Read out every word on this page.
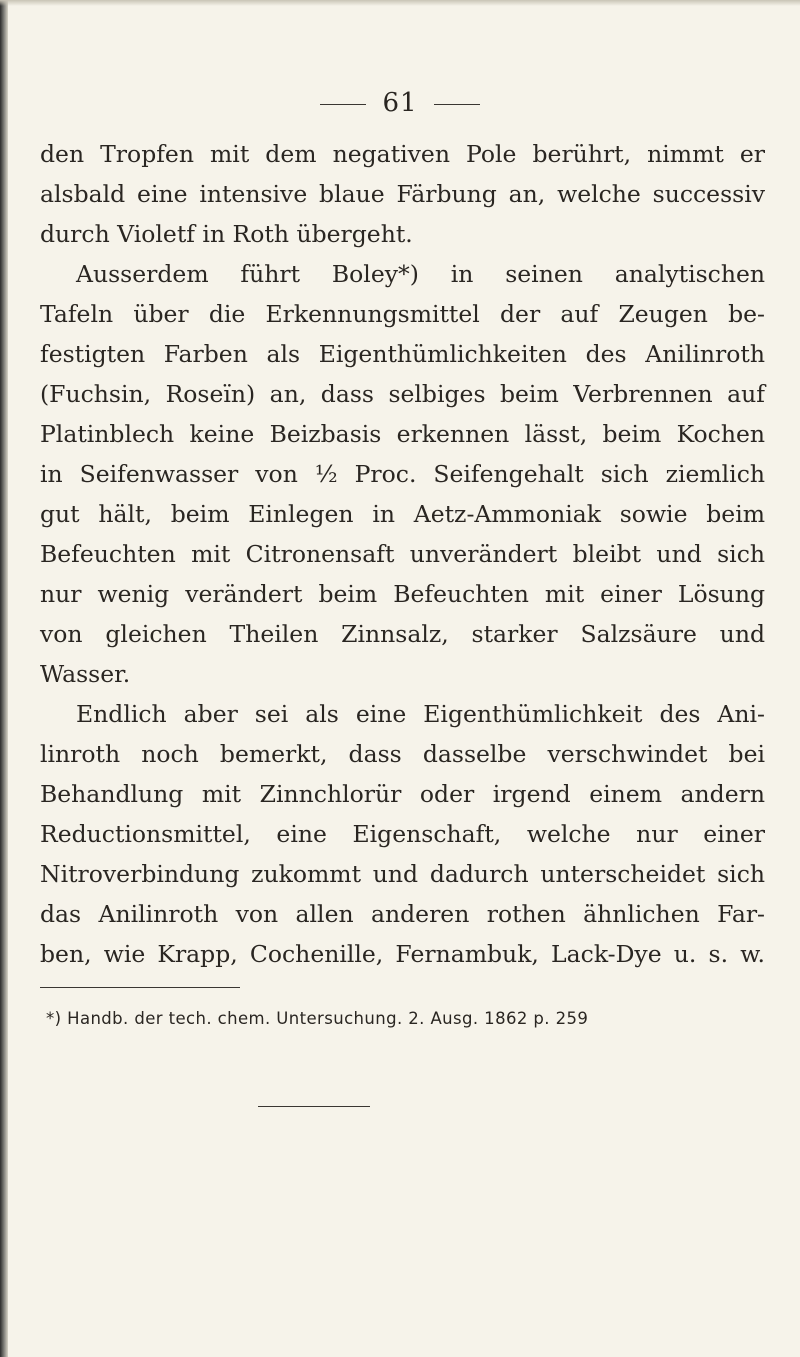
61
den Tropfen mit dem negativen Pole berührt, nimmt er
alsbald eine intensive blaue Färbung an, welche successiv
durch Violetf in Roth übergeht.
Ausserdem führt Boley*) in seinen analytischen
Tafeln über die Erkennungsmittel der auf Zeugen be-
festigten Farben als Eigenthümlichkeiten des Anilinroth
(Fuchsin, Roseïn) an, dass selbiges beim Verbrennen auf
Platinblech keine Beizbasis erkennen lässt, beim Kochen
in Seifenwasser von ½ Proc. Seifengehalt sich ziemlich
gut hält, beim Einlegen in Aetz-Ammoniak sowie beim
Befeuchten mit Citronensaft unverändert bleibt und sich
nur wenig verändert beim Befeuchten mit einer Lösung
von gleichen Theilen Zinnsalz, starker Salzsäure und
Wasser.
Endlich aber sei als eine Eigenthümlichkeit des Ani-
linroth noch bemerkt, dass dasselbe verschwindet bei
Behandlung mit Zinnchlorür oder irgend einem andern
Reductionsmittel, eine Eigenschaft, welche nur einer
Nitroverbindung zukommt und dadurch unterscheidet sich
das Anilinroth von allen anderen rothen ähnlichen Far-
ben, wie Krapp, Cochenille, Fernambuk, Lack-Dye u. s. w.
*) Handb. der tech. chem. Untersuchung. 2. Ausg. 1862 p. 259
